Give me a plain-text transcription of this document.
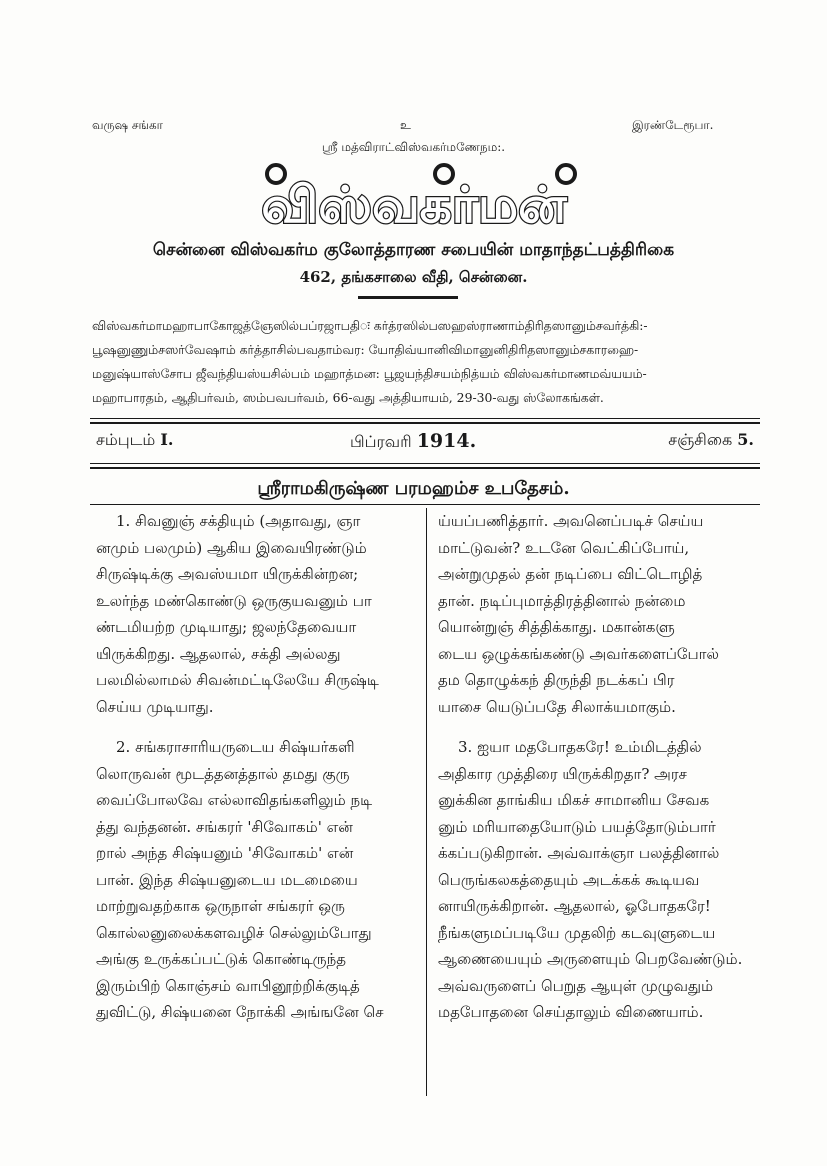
வருஷ சங்கா	உ	இரண்டேரூபா.
ஸ்ரீ மத்விராட்விஸ்வகர்மணேநம:.
விஸ்வகர்மன்
சென்னை விஸ்வகர்ம குலோத்தாரண சபையின் மாதாந்தட்பத்திரிகை
462, தங்கசாலை வீதி, சென்னை.
விஸ்வகர்மாமஹாபாகோஜத்ஞேஸில்பப்ரஜாபதிः கர்த்ரஸில்பஸஹஸ்ராணாம்திரிதஸானும்சவர்த்கி:-
பூஷனுணும்சஸர்வேஷாம் கர்த்தாசில்பவதாம்வர: யோதிவ்யானிவிமானுனிதிரிதஸானும்சகாரஹை-
மனுஷ்யாஸ்சோப ஜீவந்தியஸ்யசில்பம் மஹாத்மன: பூஜயந்திசயம்நித்யம் விஸ்வகர்மாணமவ்யயம்-
மஹாபாரதம், ஆதிபர்வம், ஸம்பவபர்வம், 66-வது அத்தியாயம், 29-30-வது ஸ்லோகங்கள்.
சம்புடம் I.	பிப்ரவரி 1914.	சஞ்சிகை 5.
ஸ்ரீராமகிருஷ்ண பரமஹம்ச உபதேசம்.
1. சிவனுஞ் சக்தியும் (அதாவது, ஞா
னமும் பலமும்) ஆகிய இவையிரண்டும்
சிருஷ்டிக்கு அவஸ்யமா யிருக்கின்றன;
உலர்ந்த மண்கொண்டு ஒருகுயவனும் பா
ண்டமியற்ற முடியாது; ஜலந்தேவையா
யிருக்கிறது. ஆதலால், சக்தி அல்லது
பலமில்லாமல் சிவன்மட்டிலேயே சிருஷ்டி
செய்ய முடியாது.
2. சங்கராசாரியருடைய சிஷ்யர்களி
லொருவன் மூடத்தனத்தால் தமது குரு
வைப்போலவே எல்லாவிதங்களிலும் நடி
த்து வந்தனன். சங்கரர் 'சிவோகம்' என்
றால் அந்த சிஷ்யனும் 'சிவோகம்' என்
பான். இந்த சிஷ்யனுடைய மடமையை
மாற்றுவதற்காக ஒருநாள் சங்கரர் ஒரு
கொல்லனுலைக்களவழிச் செல்லும்போது
அங்கு உருக்கப்பட்டுக் கொண்டிருந்த
இரும்பிற் கொஞ்சம் வாபினூற்றிக்குடித்
துவிட்டு, சிஷ்யனை நோக்கி அங்ஙனே செ
ய்யப்பணித்தார். அவனெப்படிச் செய்ய
மாட்டுவன்? உடனே வெட்கிப்போய்,
அன்றுமுதல் தன் நடிப்பை விட்டொழித்
தான். நடிப்புமாத்திரத்தினால் நன்மை
யொன்றுஞ் சித்திக்காது. மகான்களு
டைய ஒழுக்கங்கண்டு அவர்களைப்போல்
தம தொழுக்கந் திருந்தி நடக்கப் பிர
யாசை யெடுப்பதே சிலாக்யமாகும்.
3. ஐயா மதபோதகரே! உம்மிடத்தில்
அதிகார முத்திரை யிருக்கிறதா? அரச
னுக்கின தாங்கிய மிகச் சாமானிய சேவக
னும் மரியாதையோடும் பயத்தோடும்பார்
க்கப்படுகிறான். அவ்வாக்ஞா பலத்தினால்
பெருங்கலகத்தையும் அடக்கக் கூடியவ
னாயிருக்கிறான். ஆதலால், ஓபோதகரே!
நீங்களுமப்படியே முதலிற் கடவுளுடைய
ஆணையையும் அருளையும் பெறவேண்டும்.
அவ்வருளைப் பெறுத ஆயுள் முழுவதும்
மதபோதனை செய்தாலும் விணையாம்.
